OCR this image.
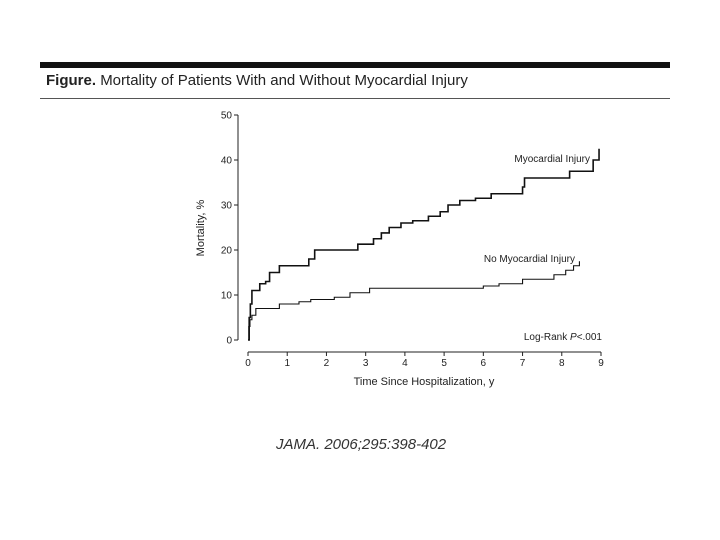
Figure. Mortality of Patients With and Without Myocardial Injury
0
10
20
30
40
50
0	1	2	3	4	5	6	7	8	9
Myocardial Injury
No Myocardial Injury
Log-Rank P<.001
Time Since Hospitalization, y
Mortality, %
JAMA. 2006;295:398-402
